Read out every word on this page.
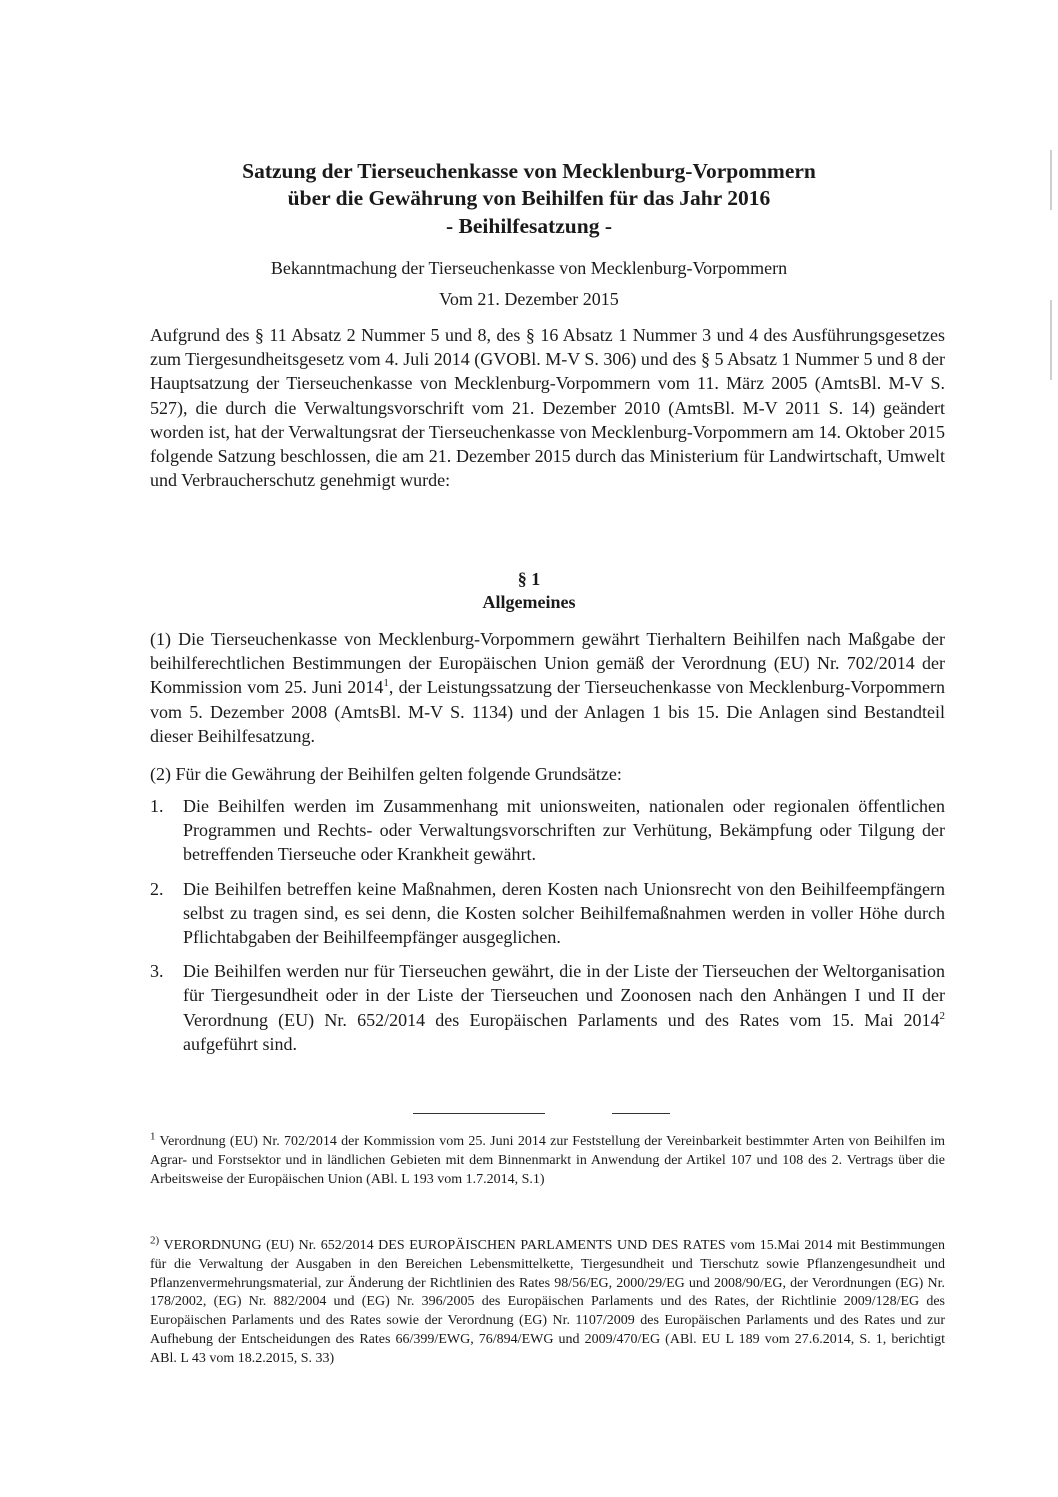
Satzung der Tierseuchenkasse von Mecklenburg-Vorpommern
über die Gewährung von Beihilfen für das Jahr 2016
- Beihilfesatzung -

Bekanntmachung der Tierseuchenkasse von Mecklenburg-Vorpommern

Vom 21. Dezember 2015

Aufgrund des § 11 Absatz 2 Nummer 5 und 8, des § 16 Absatz 1 Nummer 3 und 4 des Ausführungsgesetzes zum Tiergesundheitsgesetz vom 4. Juli 2014 (GVOBl. M-V S. 306) und des § 5 Absatz 1 Nummer 5 und 8 der Hauptsatzung der Tierseuchenkasse von Mecklenburg-Vorpommern vom 11. März 2005 (AmtsBl. M-V S. 527), die durch die Verwaltungsvorschrift vom 21. Dezember 2010 (AmtsBl. M-V 2011 S. 14) geändert worden ist, hat der Verwaltungsrat der Tierseuchenkasse von Mecklenburg-Vorpommern am 14. Oktober 2015 folgende Satzung beschlossen, die am 21. Dezember 2015 durch das Ministerium für Landwirtschaft, Umwelt und Verbraucherschutz genehmigt wurde:

§ 1

Allgemeines

(1) Die Tierseuchenkasse von Mecklenburg-Vorpommern gewährt Tierhaltern Beihilfen nach Maßgabe der beihilferechtlichen Bestimmungen der Europäischen Union gemäß der Verordnung (EU) Nr. 702/2014 der Kommission vom 25. Juni 2014$^1$, der Leistungssatzung der Tierseuchenkasse von Mecklenburg-Vorpommern vom 5. Dezember 2008 (AmtsBl. M-V S. 1134) und der Anlagen 1 bis 15. Die Anlagen sind Bestandteil dieser Beihilfesatzung.

(2) Für die Gewährung der Beihilfen gelten folgende Grundsätze:

1.	Die Beihilfen werden im Zusammenhang mit unionsweiten, nationalen oder regionalen öffentlichen Programmen und Rechts- oder Verwaltungsvorschriften zur Verhütung, Bekämpfung oder Tilgung der betreffenden Tierseuche oder Krankheit gewährt.
2.	Die Beihilfen betreffen keine Maßnahmen, deren Kosten nach Unionsrecht von den Beihilfeempfängern selbst zu tragen sind, es sei denn, die Kosten solcher Beihilfemaßnahmen werden in voller Höhe durch Pflichtabgaben der Beihilfeempfänger ausgeglichen.
3.	Die Beihilfen werden nur für Tierseuchen gewährt, die in der Liste der Tierseuchen der Weltorganisation für Tiergesundheit oder in der Liste der Tierseuchen und Zoonosen nach den Anhängen I und II der Verordnung (EU) Nr. 652/2014 des Europäischen Parlaments und des Rates vom 15. Mai 2014$^2$ aufgeführt sind.

$^1$ Verordnung (EU) Nr. 702/2014 der Kommission vom 25. Juni 2014 zur Feststellung der Vereinbarkeit bestimmter Arten von Beihilfen im Agrar- und Forstsektor und in ländlichen Gebieten mit dem Binnenmarkt in Anwendung der Artikel 107 und 108 des 2. Vertrags über die Arbeitsweise der Europäischen Union (ABl. L 193 vom 1.7.2014, S.1)

$^{2)}$ VERORDNUNG (EU) Nr. 652/2014 DES EUROPÄISCHEN PARLAMENTS UND DES RATES vom 15.Mai 2014 mit Bestimmungen für die Verwaltung der Ausgaben in den Bereichen Lebensmittelkette, Tiergesundheit und Tierschutz sowie Pflanzengesundheit und Pflanzenvermehrungsmaterial, zur Änderung der Richtlinien des Rates 98/56/EG, 2000/29/EG und 2008/90/EG, der Verordnungen (EG) Nr. 178/2002, (EG) Nr. 882/2004 und (EG) Nr. 396/2005 des Europäischen Parlaments und des Rates, der Richtlinie 2009/128/EG des Europäischen Parlaments und des Rates sowie der Verordnung (EG) Nr. 1107/2009 des Europäischen Parlaments und des Rates und zur Aufhebung der Entscheidungen des Rates 66/399/EWG, 76/894/EWG und 2009/470/EG (ABl. EU L 189 vom 27.6.2014, S. 1, berichtigt ABl. L 43 vom 18.2.2015, S. 33)
